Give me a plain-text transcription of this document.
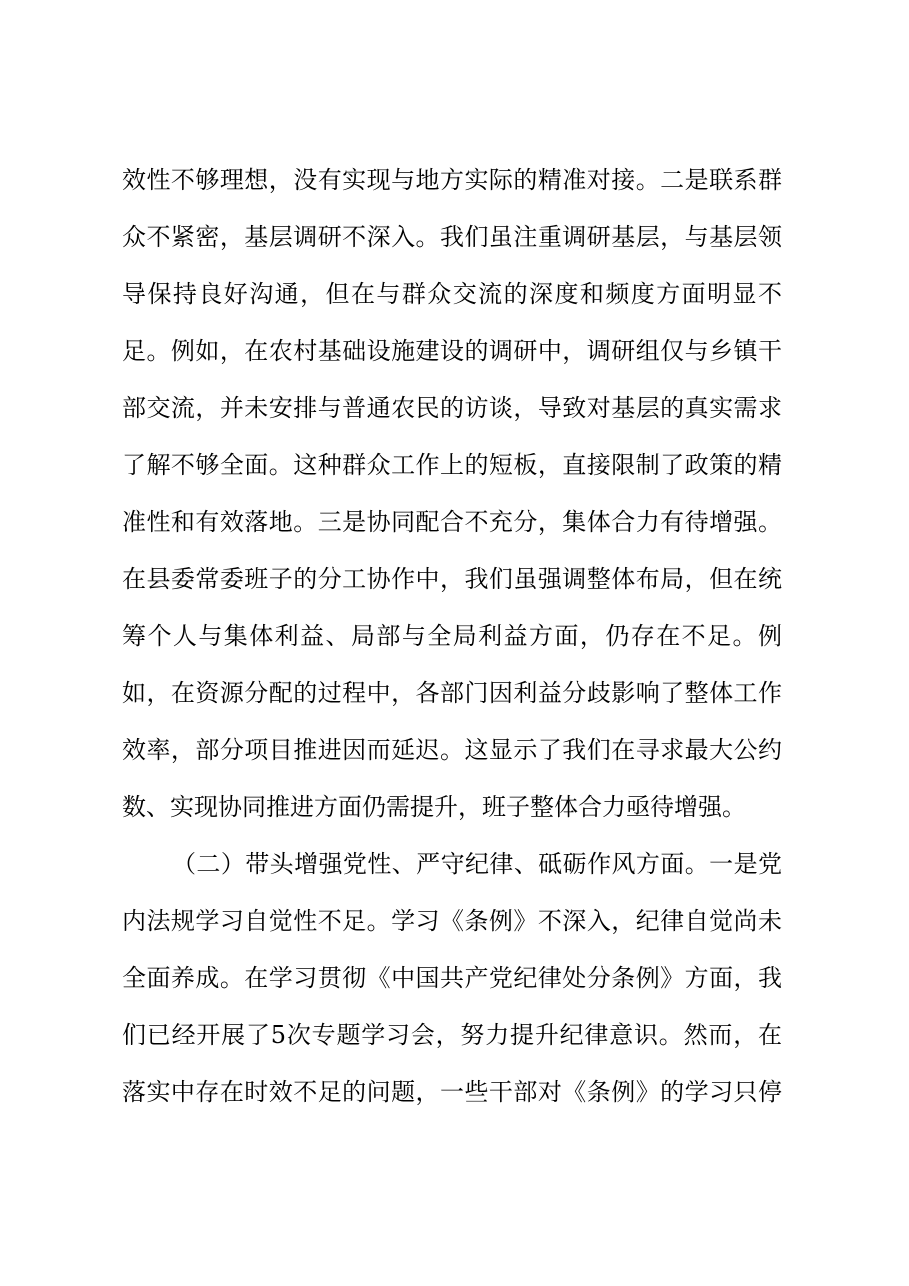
效性不够理想，没有实现与地方实际的精准对接。二是联系群
众不紧密，基层调研不深入。我们虽注重调研基层，与基层领
导保持良好沟通，但在与群众交流的深度和频度方面明显不
足。例如，在农村基础设施建设的调研中，调研组仅与乡镇干
部交流，并未安排与普通农民的访谈，导致对基层的真实需求
了解不够全面。这种群众工作上的短板，直接限制了政策的精
准性和有效落地。三是协同配合不充分，集体合力有待增强。
在县委常委班子的分工协作中，我们虽强调整体布局，但在统
筹个人与集体利益、局部与全局利益方面，仍存在不足。例
如，在资源分配的过程中，各部门因利益分歧影响了整体工作
效率，部分项目推进因而延迟。这显示了我们在寻求最大公约
数、实现协同推进方面仍需提升，班子整体合力亟待增强。
（二）带头增强党性、严守纪律、砥砺作风方面。一是党
内法规学习自觉性不足。学习《条例》不深入，纪律自觉尚未
全面养成。在学习贯彻《中国共产党纪律处分条例》方面，我
们已经开展了5次专题学习会，努力提升纪律意识。然而，在
落实中存在时效不足的问题，一些干部对《条例》的学习只停
